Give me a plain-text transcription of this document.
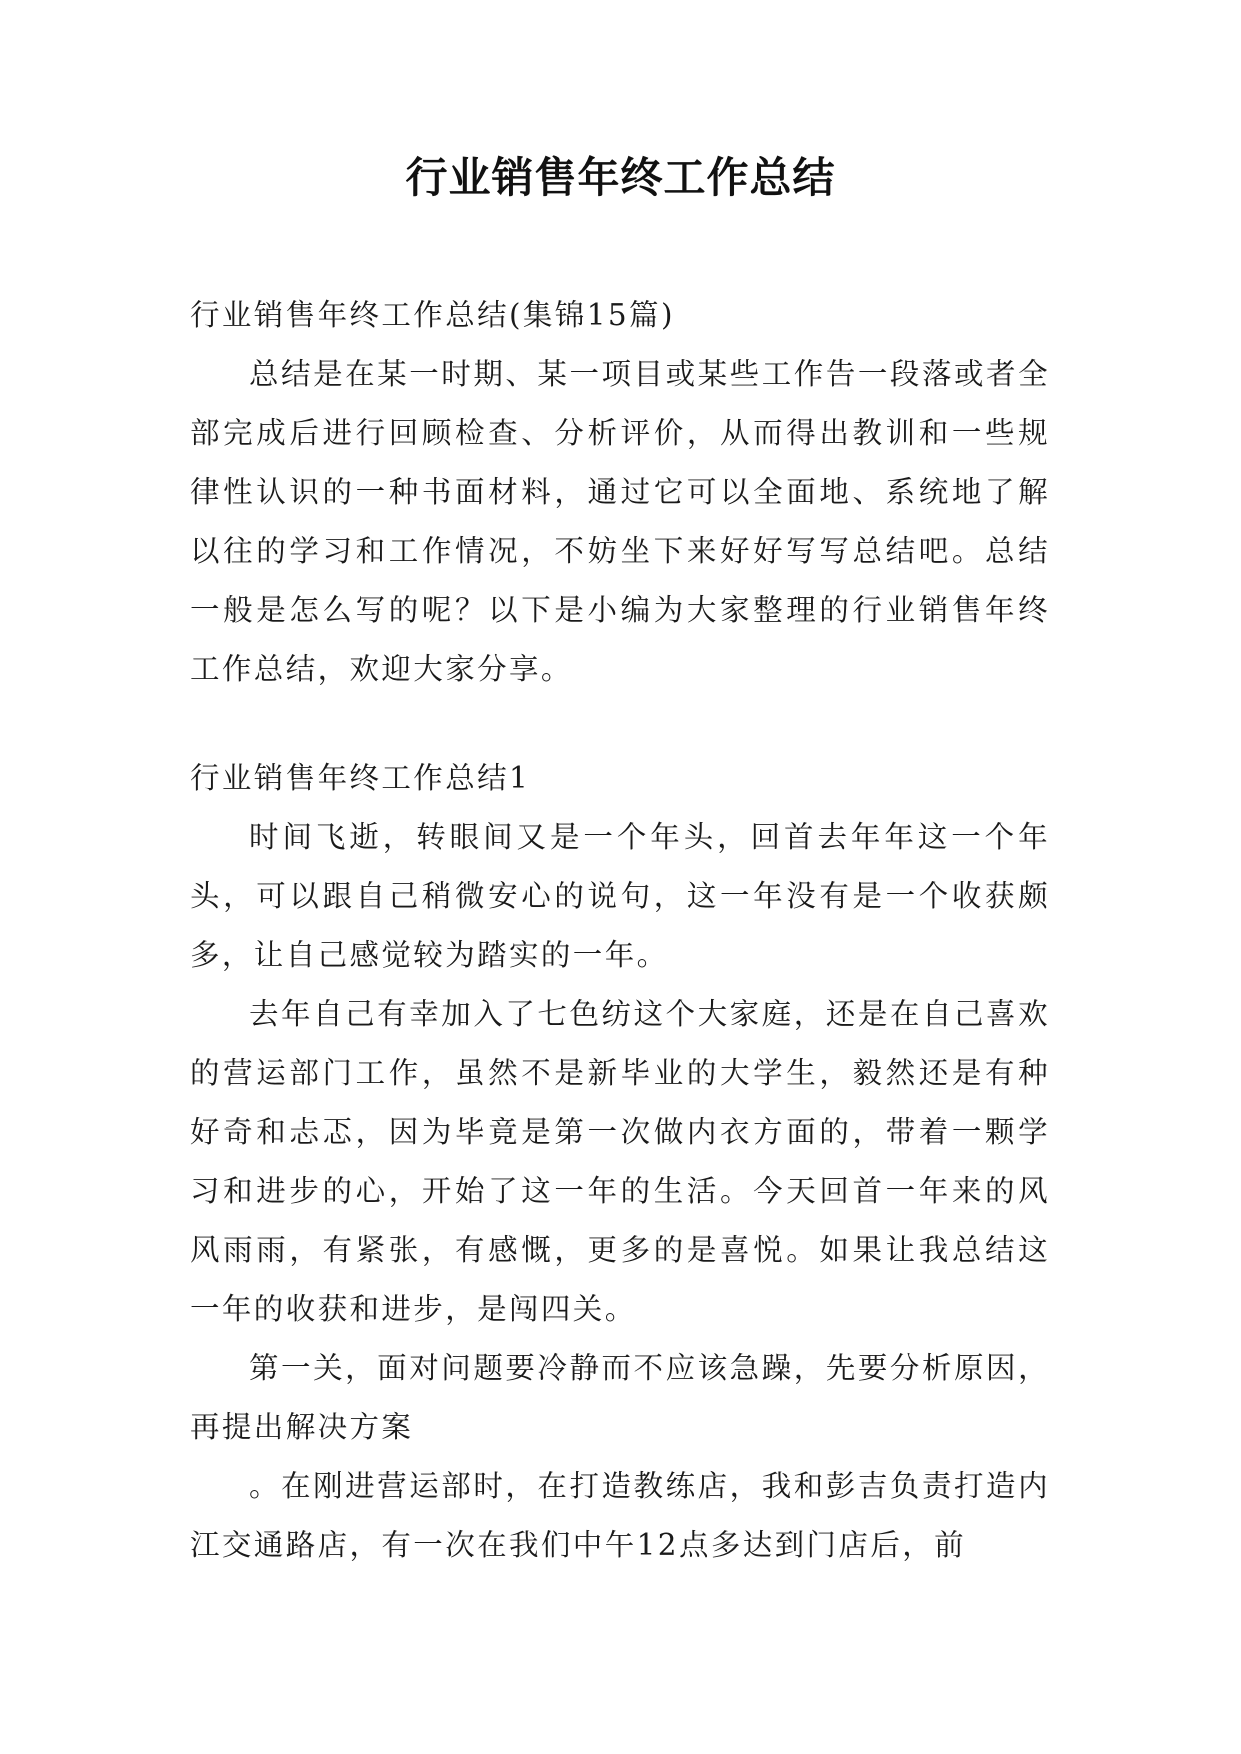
行业销售年终工作总结

行业销售年终工作总结(集锦15篇)

总结是在某一时期、某一项目或某些工作告一段落或者全部完成后进行回顾检查、分析评价，从而得出教训和一些规律性认识的一种书面材料，通过它可以全面地、系统地了解以往的学习和工作情况，不妨坐下来好好写写总结吧。总结一般是怎么写的呢？以下是小编为大家整理的行业销售年终工作总结，欢迎大家分享。

行业销售年终工作总结1

时间飞逝，转眼间又是一个年头，回首去年年这一个年头，可以跟自己稍微安心的说句，这一年没有是一个收获颇多，让自己感觉较为踏实的一年。

去年自己有幸加入了七色纺这个大家庭，还是在自己喜欢的营运部门工作，虽然不是新毕业的大学生，毅然还是有种好奇和忐忑，因为毕竟是第一次做内衣方面的，带着一颗学习和进步的心，开始了这一年的生活。今天回首一年来的风风雨雨，有紧张，有感慨，更多的是喜悦。如果让我总结这一年的收获和进步，是闯四关。

第一关，面对问题要冷静而不应该急躁，先要分析原因，再提出解决方案

。在刚进营运部时，在打造教练店，我和彭吉负责打造内江交通路店，有一次在我们中午12点多达到门店后，前
